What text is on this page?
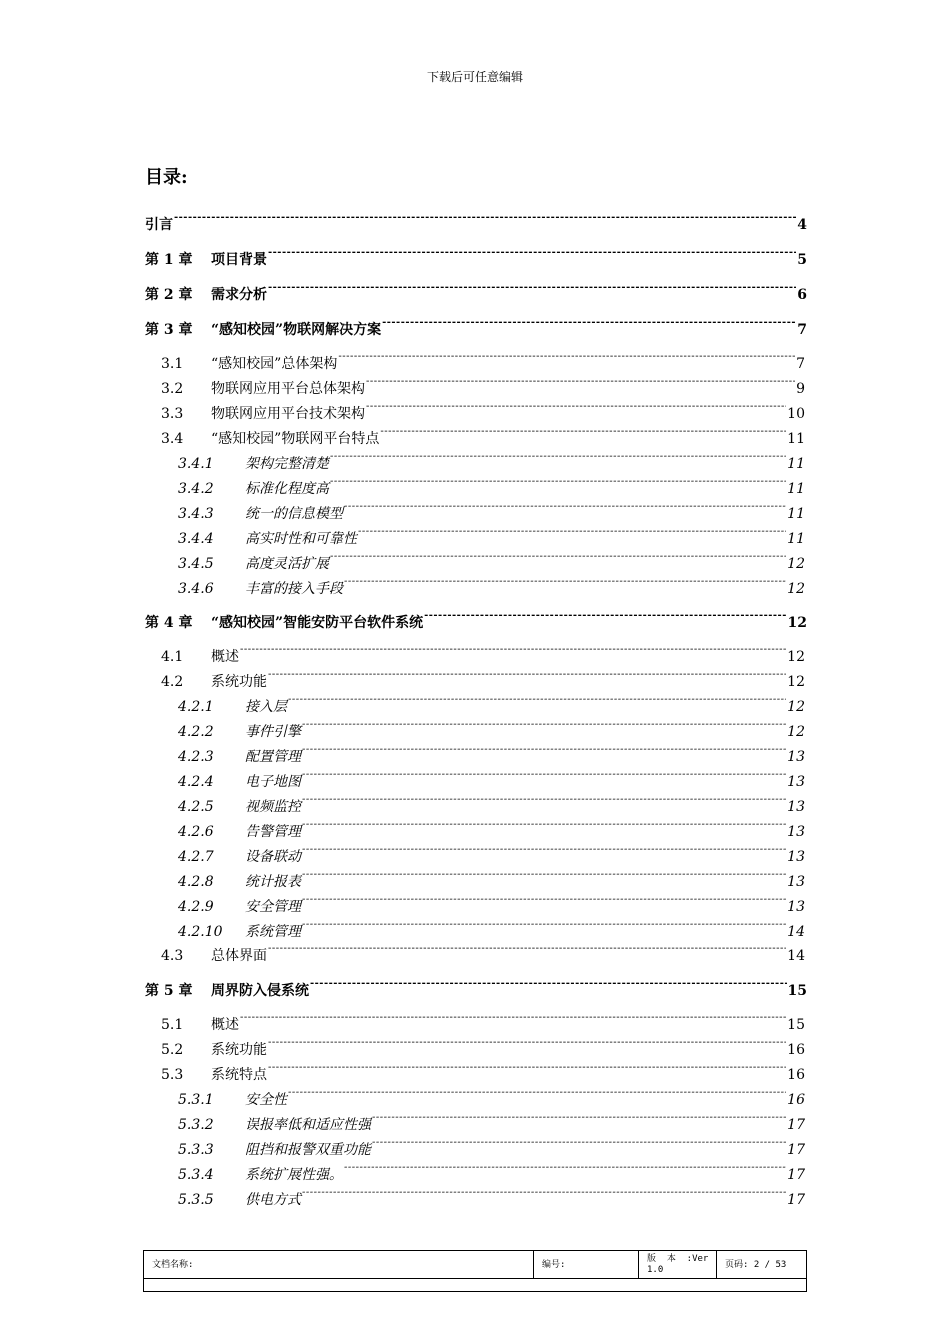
下载后可任意编辑
目录:
引言 -----	4
第 1 章	项目背景 -----	5
第 2 章	需求分析 -----	6
第 3 章	“感知校园”物联网解决方案 -----	7
3.1	“感知校园”总体架构 -----	7
3.2	物联网应用平台总体架构 -----	9
3.3	物联网应用平台技术架构 -----	10
3.4	“感知校园”物联网平台特点 -----	11
3.4.1	架构完整清楚 -----	11
3.4.2	标准化程度高 -----	11
3.4.3	统一的信息模型 -----	11
3.4.4	高实时性和可靠性 -----	11
3.4.5	高度灵活扩展 -----	12
3.4.6	丰富的接入手段 -----	12
第 4 章	“感知校园”智能安防平台软件系统 -----	12
4.1	概述 -----	12
4.2	系统功能 -----	12
4.2.1	接入层 -----	12
4.2.2	事件引擎 -----	12
4.2.3	配置管理 -----	13
4.2.4	电子地图 -----	13
4.2.5	视频监控 -----	13
4.2.6	告警管理 -----	13
4.2.7	设备联动 -----	13
4.2.8	统计报表 -----	13
4.2.9	安全管理 -----	13
4.2.10	系统管理 -----	14
4.3	总体界面 -----	14
第 5 章	周界防入侵系统 -----	15
5.1	概述 -----	15
5.2	系统功能 -----	16
5.3	系统特点 -----	16
5.3.1	安全性 -----	16
5.3.2	误报率低和适应性强 -----	17
5.3.3	阻挡和报警双重功能 -----	17
5.3.4	系统扩展性强。 -----	17
5.3.5	供电方式 -----	17
文档名称:	编号:
版  本  :Ver
1.0	页码: 2 / 53
